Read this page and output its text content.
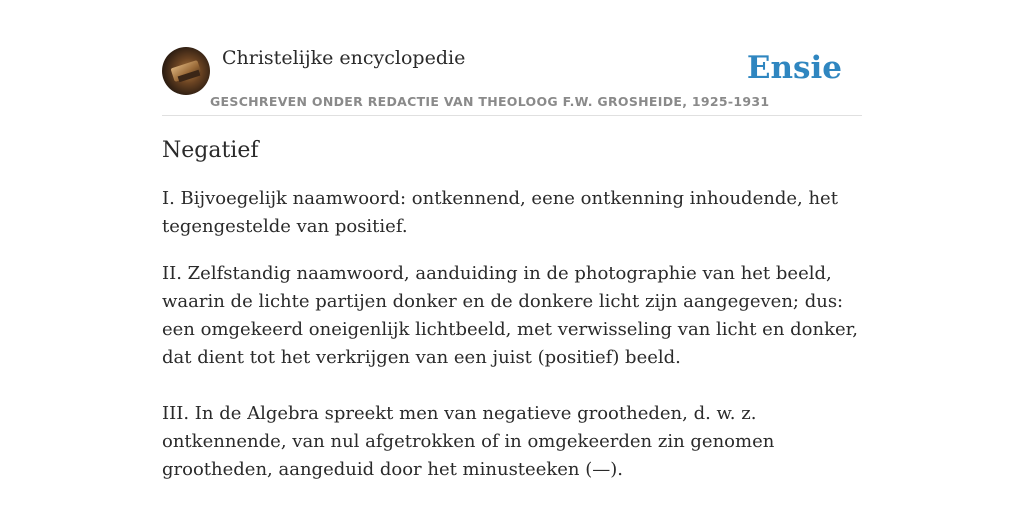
Christelijke encyclopedie
GESCHREVEN ONDER REDACTIE VAN THEOLOOG F.W. GROSHEIDE, 1925-1931
Ensie
Negatief

I. Bijvoegelijk naamwoord: ontkennend, eene ontkenning inhoudende, het tegengestelde van positief.

II. Zelfstandig naamwoord, aanduiding in de photographie van het beeld, waarin de lichte partijen donker en de donkere licht zijn aangegeven; dus: een omgekeerd oneigenlijk lichtbeeld, met verwisseling van licht en donker, dat dient tot het verkrijgen van een juist (positief) beeld.

III. In de Algebra spreekt men van negatieve grootheden, d. w. z. ontkennende, van nul afgetrokken of in omgekeerden zin genomen grootheden, aangeduid door het minusteeken (—).
